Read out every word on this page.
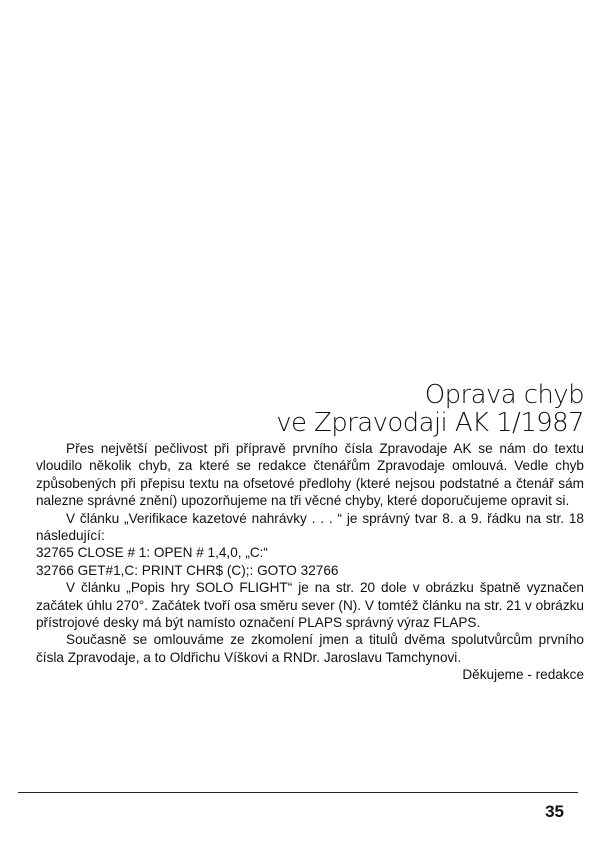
Oprava chyb
ve Zpravodaji AK 1/1987

Přes největší pečlivost při přípravě prvního čísla Zpravodaje AK se nám do textu vloudilo několik chyb, za které se redakce čtenářům Zpravodaje omlouvá. Vedle chyb způsobených při přepisu textu na ofsetové předlohy (které nejsou podstatné a čtenář sám nalezne správné znění) upozorňujeme na tři věcné chyby, které doporučujeme opravit si.

V článku „Verifikace kazetové nahrávky . . . “ je správný tvar 8. a 9. řádku na str. 18 následující:

32765 CLOSE # 1: OPEN # 1,4,0, „C:“

32766 GET#1,C: PRINT CHR$ (C);: GOTO 32766

V článku „Popis hry SOLO FLIGHT“ je na str. 20 dole v obrázku špatně vyznačen začátek úhlu 270°. Začátek tvoří osa směru sever (N). V tomtéž článku na str. 21 v obrázku přístrojové desky má být namísto označení PLAPS správný výraz FLAPS.

Současně se omlouváme ze zkomolení jmen a titulů dvěma spolutvůrcům prvního čísla Zpravodaje, a to Oldřichu Víškovi a RNDr. Jaroslavu Tamchynovi.

Děkujeme - redakce

35
